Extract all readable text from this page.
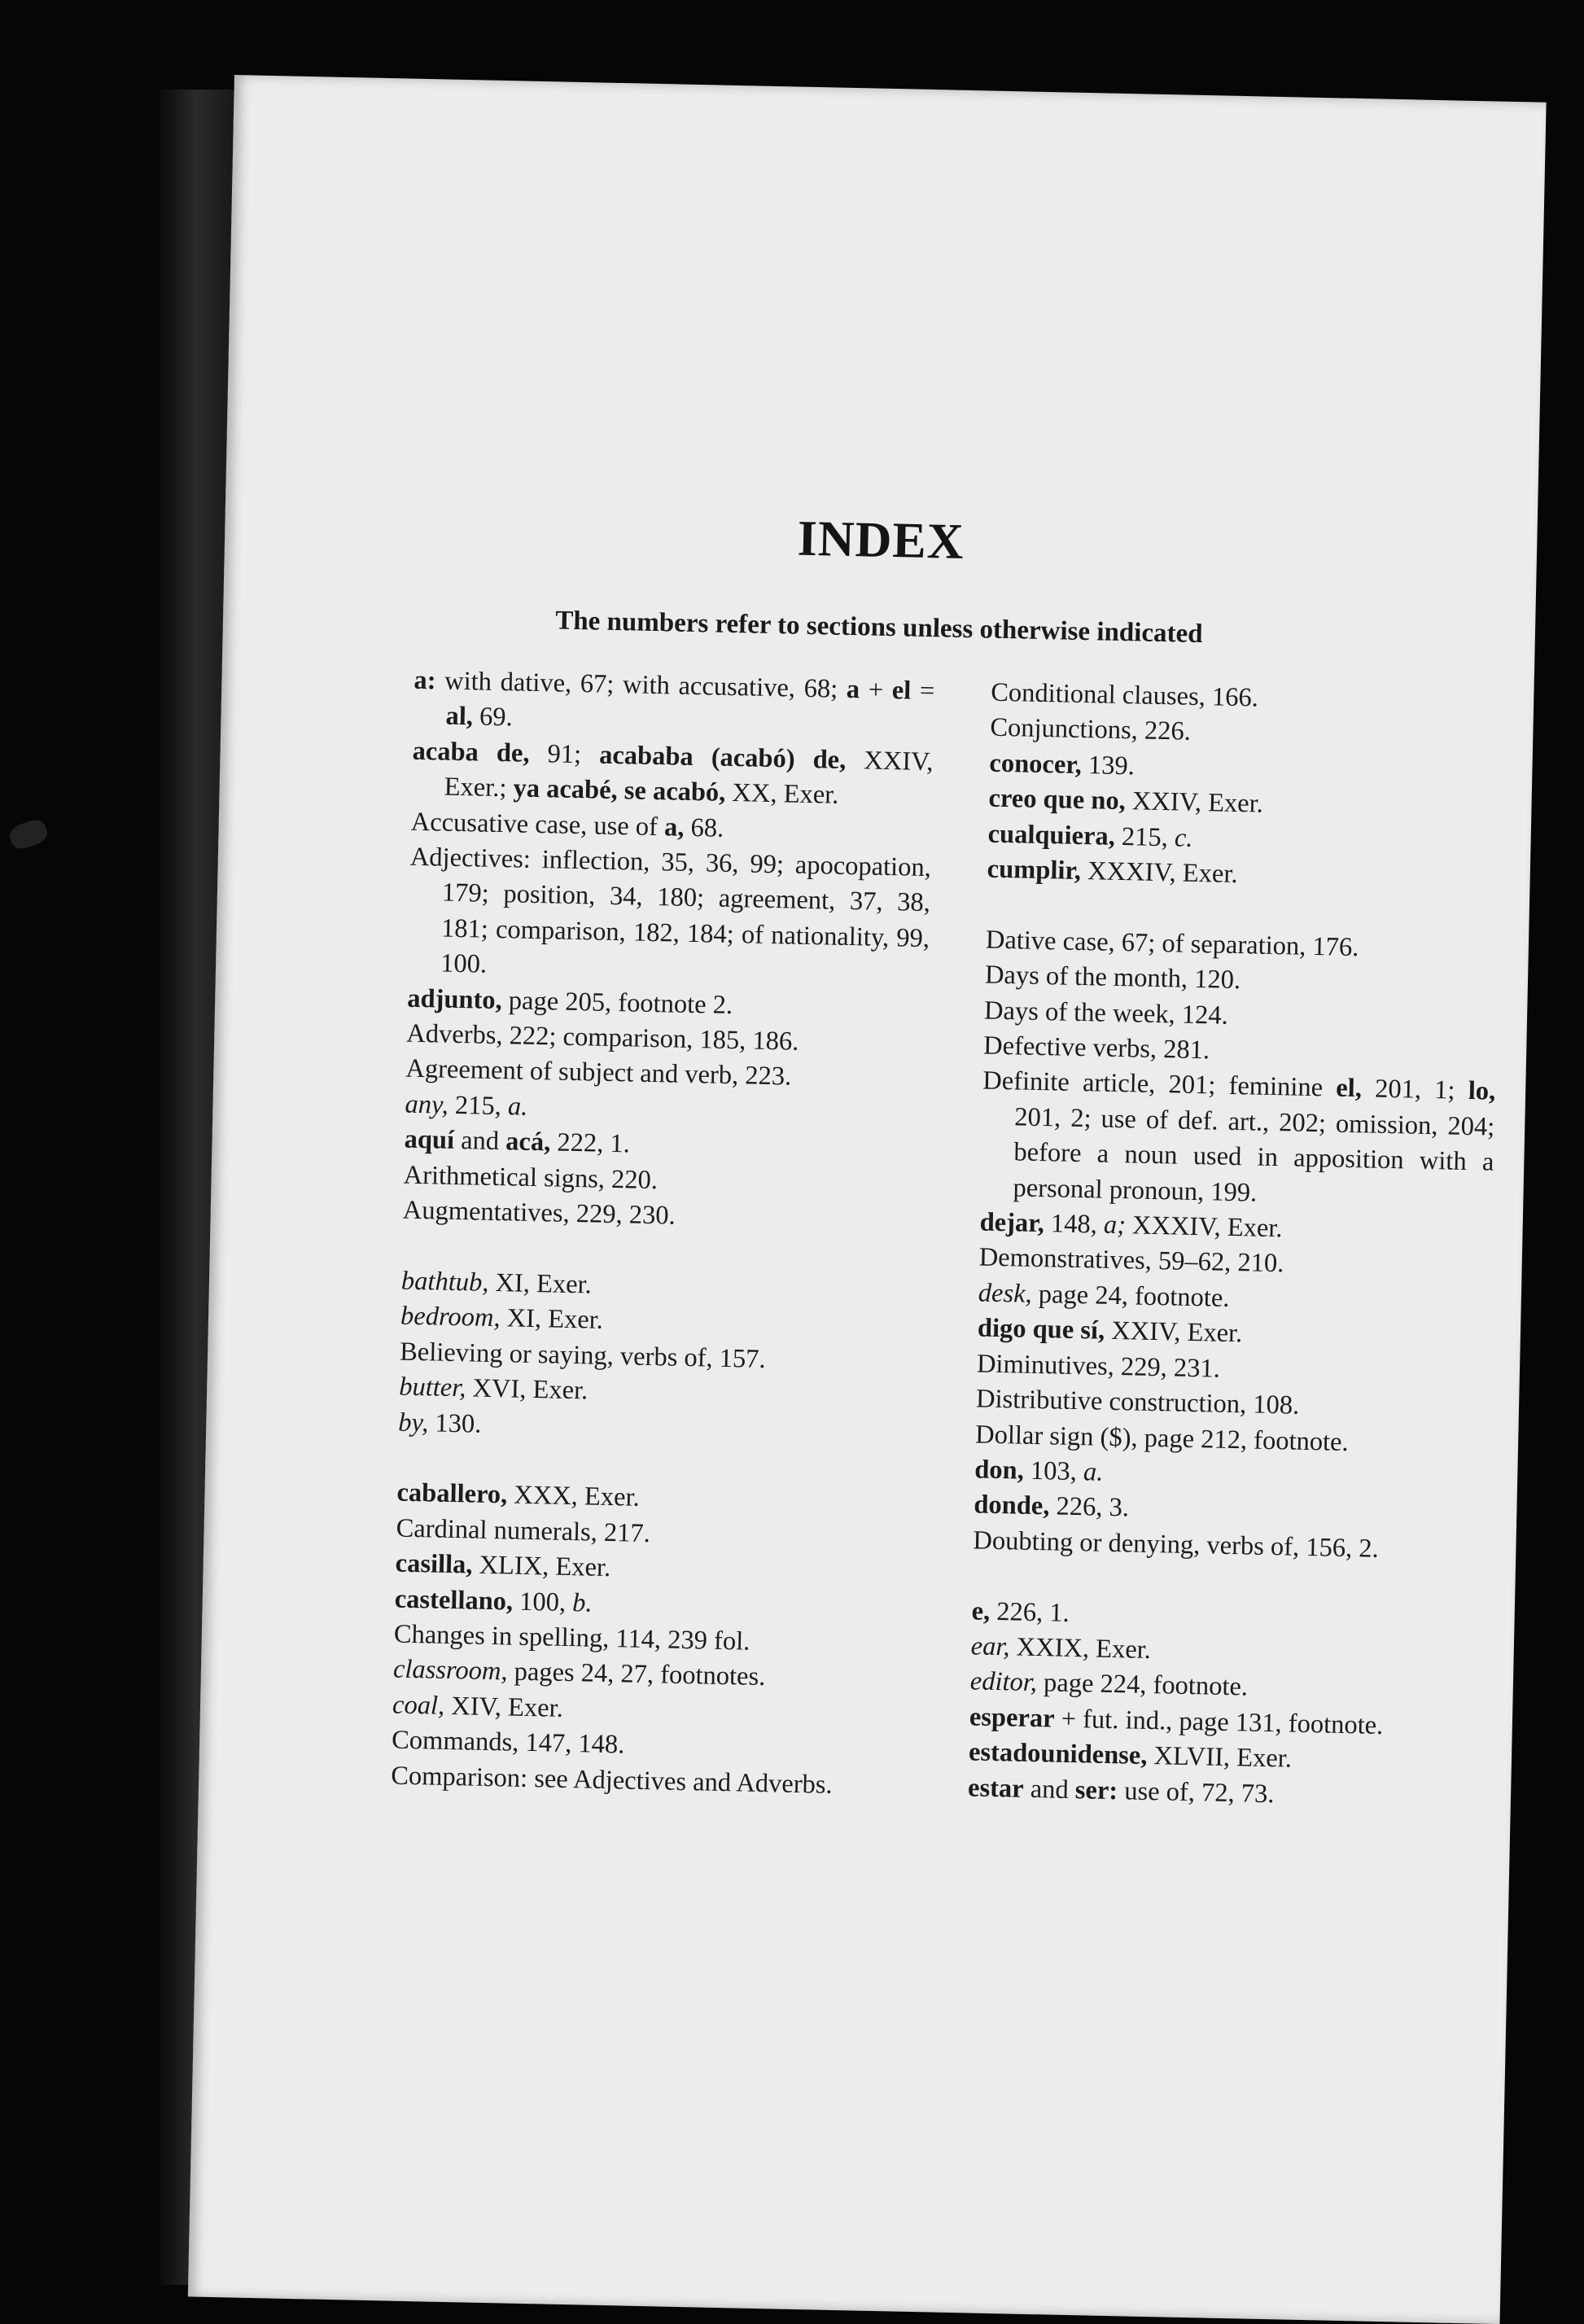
INDEX

The numbers refer to sections unless otherwise indicated

a: with dative, 67; with accusative, 68; a + el = al, 69.

acaba de, 91; acababa (acabó) de, XXIV, Exer.; ya acabé, se acabó, XX, Exer.

Accusative case, use of a, 68.

Adjectives: inflection, 35, 36, 99; apocopation, 179; position, 34, 180; agreement, 37, 38, 181; comparison, 182, 184; of nationality, 99, 100.

adjunto, page 205, footnote 2.

Adverbs, 222; comparison, 185, 186.

Agreement of subject and verb, 223.

any, 215, a.

aquí and acá, 222, 1.

Arithmetical signs, 220.

Augmentatives, 229, 230.

bathtub, XI, Exer.

bedroom, XI, Exer.

Believing or saying, verbs of, 157.

butter, XVI, Exer.

by, 130.

caballero, XXX, Exer.

Cardinal numerals, 217.

casilla, XLIX, Exer.

castellano, 100, b.

Changes in spelling, 114, 239 fol.

classroom, pages 24, 27, footnotes.

coal, XIV, Exer.

Commands, 147, 148.

Comparison: see Adjectives and Adverbs.

Conditional clauses, 166.

Conjunctions, 226.

conocer, 139.

creo que no, XXIV, Exer.

cualquiera, 215, c.

cumplir, XXXIV, Exer.

Dative case, 67; of separation, 176.

Days of the month, 120.

Days of the week, 124.

Defective verbs, 281.

Definite article, 201; feminine el, 201, 1; lo, 201, 2; use of def. art., 202; omission, 204; before a noun used in apposition with a personal pronoun, 199.

dejar, 148, a; XXXIV, Exer.

Demonstratives, 59–62, 210.

desk, page 24, footnote.

digo que sí, XXIV, Exer.

Diminutives, 229, 231.

Distributive construction, 108.

Dollar sign ($), page 212, footnote.

don, 103, a.

donde, 226, 3.

Doubting or denying, verbs of, 156, 2.

e, 226, 1.

ear, XXIX, Exer.

editor, page 224, footnote.

esperar + fut. ind., page 131, footnote.

estadounidense, XLVII, Exer.

estar and ser: use of, 72, 73.
